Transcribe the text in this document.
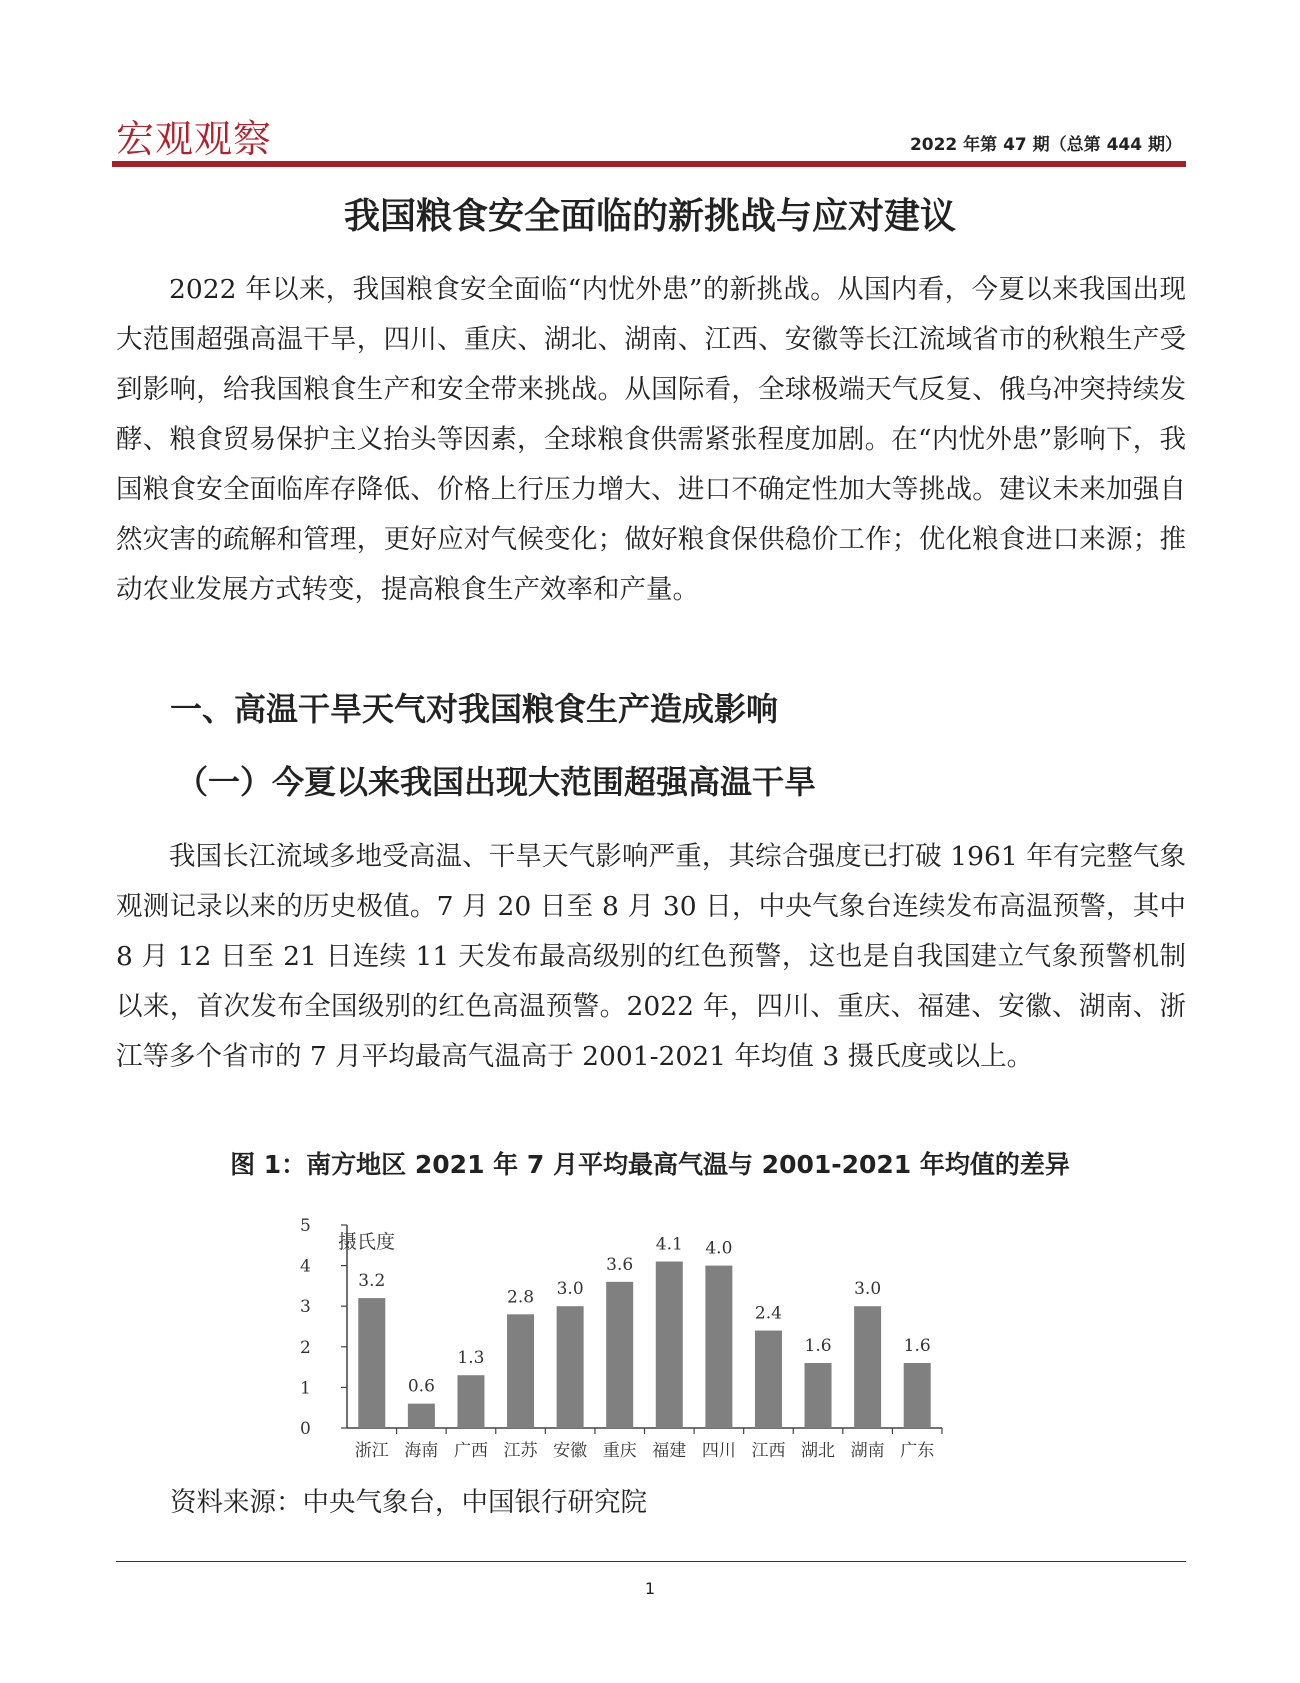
宏观观察	2022 年第 47 期（总第 444 期）
我国粮食安全面临的新挑战与应对建议

2022 年以来，我国粮食安全面临“内忧外患”的新挑战。从国内看，今夏以来我国出现大范围超强高温干旱，四川、重庆、湖北、湖南、江西、安徽等长江流域省市的秋粮生产受到影响，给我国粮食生产和安全带来挑战。从国际看，全球极端天气反复、俄乌冲突持续发酵、粮食贸易保护主义抬头等因素，全球粮食供需紧张程度加剧。在“内忧外患”影响下，我国粮食安全面临库存降低、价格上行压力增大、进口不确定性加大等挑战。建议未来加强自然灾害的疏解和管理，更好应对气候变化；做好粮食保供稳价工作；优化粮食进口来源；推动农业发展方式转变，提高粮食生产效率和产量。

一、高温干旱天气对我国粮食生产造成影响
（一）今夏以来我国出现大范围超强高温干旱

我国长江流域多地受高温、干旱天气影响严重，其综合强度已打破 1961 年有完整气象观测记录以来的历史极值。7 月 20 日至 8 月 30 日，中央气象台连续发布高温预警，其中 8 月 12 日至 21 日连续 11 天发布最高级别的红色预警，这也是自我国建立气象预警机制以来，首次发布全国级别的红色高温预警。2022 年，四川、重庆、福建、安徽、湖南、浙江等多个省市的 7 月平均最高气温高于 2001-2021 年均值 3 摄氏度或以上。

图 1：南方地区 2021 年 7 月平均最高气温与 2001-2021 年均值的差异
0
1
2
3
4
5
摄氏度
3.2
浙江
0.6
海南
1.3
广西
2.8
江苏
3.0
安徽
3.6
重庆
4.1
福建
4.0
四川
2.4
江西
1.6
湖北
3.0
湖南
1.6
广东
资料来源：中央气象台，中国银行研究院
1
